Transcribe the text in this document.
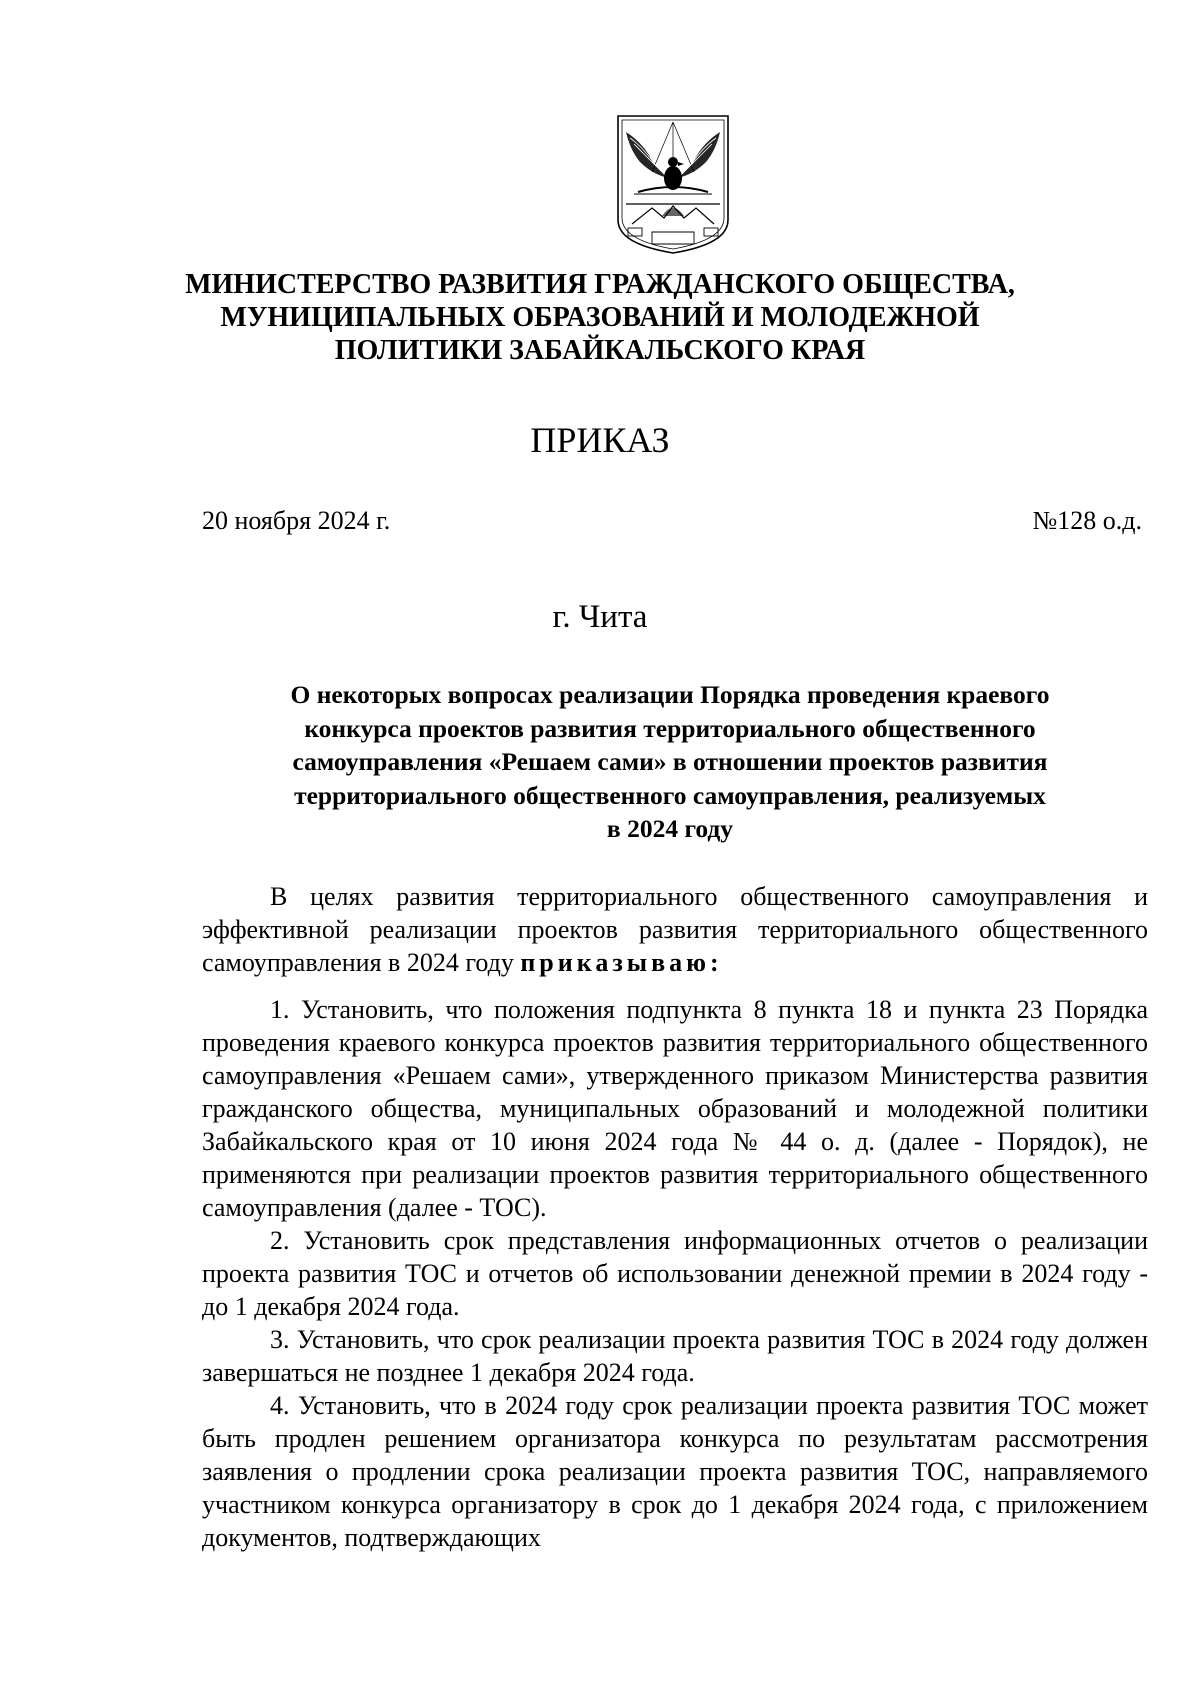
МИНИСТЕРСТВО РАЗВИТИЯ ГРАЖДАНСКОГО ОБЩЕСТВА,
МУНИЦИПАЛЬНЫХ ОБРАЗОВАНИЙ И МОЛОДЕЖНОЙ
ПОЛИТИКИ ЗАБАЙКАЛЬСКОГО КРАЯ
ПРИКАЗ
20 ноября 2024 г.	№128 о.д.
г. Чита
О некоторых вопросах реализации Порядка проведения краевого
конкурса проектов развития территориального общественного
самоуправления «Решаем сами» в отношении проектов развития
территориального общественного самоуправления, реализуемых
в 2024 году

В целях развития территориального общественного самоуправления и эффективной реализации проектов развития территориального общественного самоуправления в 2024 году приказываю:

1. Установить, что положения подпункта 8 пункта 18 и пункта 23 Порядка проведения краевого конкурса проектов развития территориального общественного самоуправления «Решаем сами», утвержденного приказом Министерства развития гражданского общества, муниципальных образований и молодежной политики Забайкальского края от 10 июня 2024 года № 44 о. д. (далее - Порядок), не применяются при реализации проектов развития территориального общественного самоуправления (далее - ТОС).

2. Установить срок представления информационных отчетов о реализации проекта развития ТОС и отчетов об использовании денежной премии в 2024 году - до 1 декабря 2024 года.

3. Установить, что срок реализации проекта развития ТОС в 2024 году должен завершаться не позднее 1 декабря 2024 года.

4. Установить, что в 2024 году срок реализации проекта развития ТОС может быть продлен решением организатора конкурса по результатам рассмотрения заявления о продлении срока реализации проекта развития ТОС, направляемого участником конкурса организатору в срок до 1 декабря 2024 года, с приложением документов, подтверждающих
